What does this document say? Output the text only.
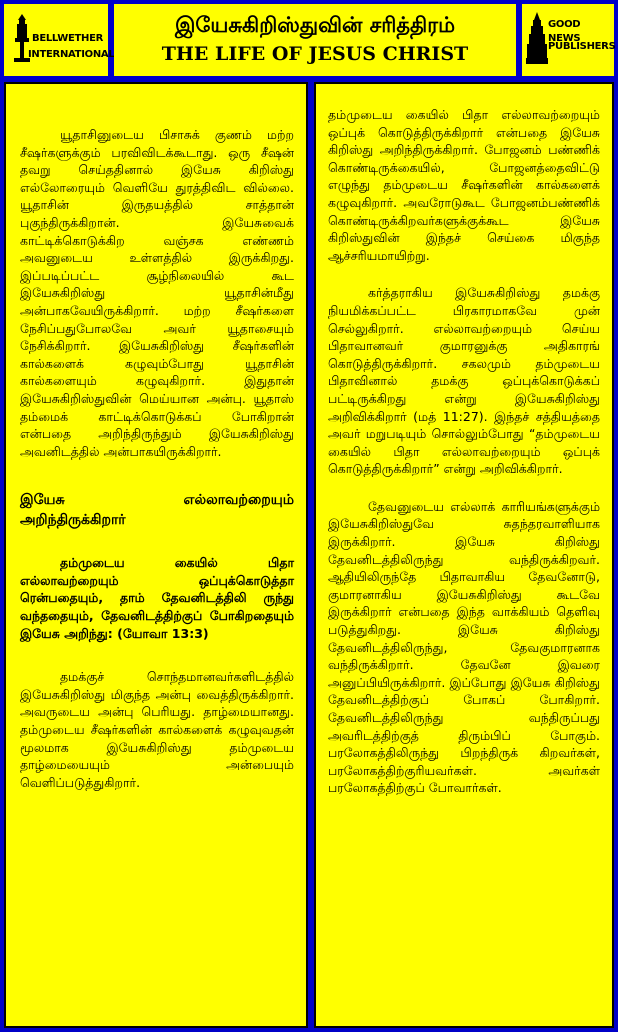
BELLWETHER
INTERNATIONAL
இயேசுகிறிஸ்துவின் சரித்திரம்
THE LIFE OF JESUS CHRIST
GOOD NEWS
PUBLISHERS

யூதாசினுடைய பிசாசுக் குணம் மற்ற சீஷர்களுக்கும் பரவிவிடக்கூடாது. ஒரு சீஷன் தவறு செய்ததினால் இயேசு கிறிஸ்து எல்லோரையும் வெளியே துரத்திவிட வில்லை. யூதாசின் இருதயத்தில் சாத்தான் புகுந்திருக்கிறான். இயேசுவைக் காட்டிக்கொடுக்கிற வஞ்சக எண்ணம் அவனுடைய உள்ளத்தில் இருக்கிறது. இப்படிப்பட்ட சூழ்நிலையில் கூட இயேசுகிறிஸ்து யூதாசின்மீது அன்பாகவேயிருக்கிறார். மற்ற சீஷர்களை நேசிப்பதுபோலவே அவர் யூதாசையும் நேசிக்கிறார். இயேசுகிறிஸ்து சீஷர்களின் கால்களைக் கழுவும்போது யூதாசின் கால்களையும் கழுவுகிறார். இதுதான் இயேசுகிறிஸ்துவின் மெய்யான அன்பு. யூதாஸ் தம்மைக் காட்டிக்கொடுக்கப் போகிறான் என்பதை அறிந்திருந்தும் இயேசுகிறிஸ்து அவனிடத்தில் அன்பாகயிருக்கிறார்.

இயேசு எல்லாவற்றையும்

அறிந்திருக்கிறார்

தம்முடைய கையில் பிதா எல்லாவற்றையும் ஒப்புக்கொடுத்தா ரென்பதையும், தாம் தேவனிடத்திலி ருந்து வந்ததையும், தேவனிடத்திற்குப் போகிறதையும் இயேசு அறிந்து: (யோவா 13:3)

தமக்குச் சொந்தமானவர்களிடத்தில் இயேசுகிறிஸ்து மிகுந்த அன்பு வைத்திருக்கிறார். அவருடைய அன்பு பெரியது. தாழ்மையானது. தம்முடைய சீஷர்களின் கால்களைக் கழுவுவதன் மூலமாக இயேசுகிறிஸ்து தம்முடைய தாழ்மையையும் அன்பையும் வெளிப்படுத்துகிறார்.

தம்முடைய கையில் பிதா எல்லாவற்றையும் ஒப்புக் கொடுத்திருக்கிறார் என்பதை இயேசு கிறிஸ்து அறிந்திருக்கிறார். போஜனம் பண்ணிக் கொண்டிருக்கையில், போஜனத்தைவிட்டு எழுந்து தம்முடைய சீஷர்களின் கால்களைக் கழுவுகிறார். அவரோடுகூட போஜனம்பண்ணிக் கொண்டிருக்கிறவர்களுக்குக்கூட இயேசு கிறிஸ்துவின் இந்தச் செய்கை மிகுந்த ஆச்சரியமாயிற்று.

கர்த்தராகிய இயேசுகிறிஸ்து தமக்கு நியமிக்கப்பட்ட பிரகாரமாகவே முன் செல்லுகிறார். எல்லாவற்றையும் செய்ய பிதாவானவர் குமாரனுக்கு அதிகாரங் கொடுத்திருக்கிறார். சகலமும் தம்முடைய பிதாவினால் தமக்கு ஒப்புக்கொடுக்கப் பட்டிருக்கிறது என்று இயேசுகிறிஸ்து அறிவிக்கிறார் (மத் 11:27). இந்தச் சத்தியத்தை அவர் மறுபடியும் சொல்லும்போது “தம்முடைய கையில் பிதா எல்லாவற்றையும் ஒப்புக் கொடுத்திருக்கிறார்” என்று அறிவிக்கிறார்.

தேவனுடைய எல்லாக் காரியங்களுக்கும் இயேசுகிறிஸ்துவே சுதந்தரவாளியாக இருக்கிறார். இயேசு கிறிஸ்து தேவனிடத்திலிருந்து வந்திருக்கிறவர். ஆதியிலிருந்தே பிதாவாகிய தேவனோடு, குமாரனாகிய இயேசுகிறிஸ்து கூடவே இருக்கிறார் என்பதை இந்த வாக்கியம் தெளிவு படுத்துகிறது. இயேசு கிறிஸ்து தேவனிடத்திலிருந்து, தேவகுமாரனாக வந்திருக்கிறார். தேவனே இவரை அனுப்பியிருக்கிறார். இப்போது இயேசு கிறிஸ்து தேவனிடத்திற்குப் போகப் போகிறார். தேவனிடத்திலிருந்து வந்திருப்பது அவரிடத்திற்குத் திரும்பிப் போகும். பரலோகத்திலிருந்து பிறந்திருக் கிறவர்கள், பரலோகத்திற்குரியவர்கள். அவர்கள் பரலோகத்திற்குப் போவார்கள்.
